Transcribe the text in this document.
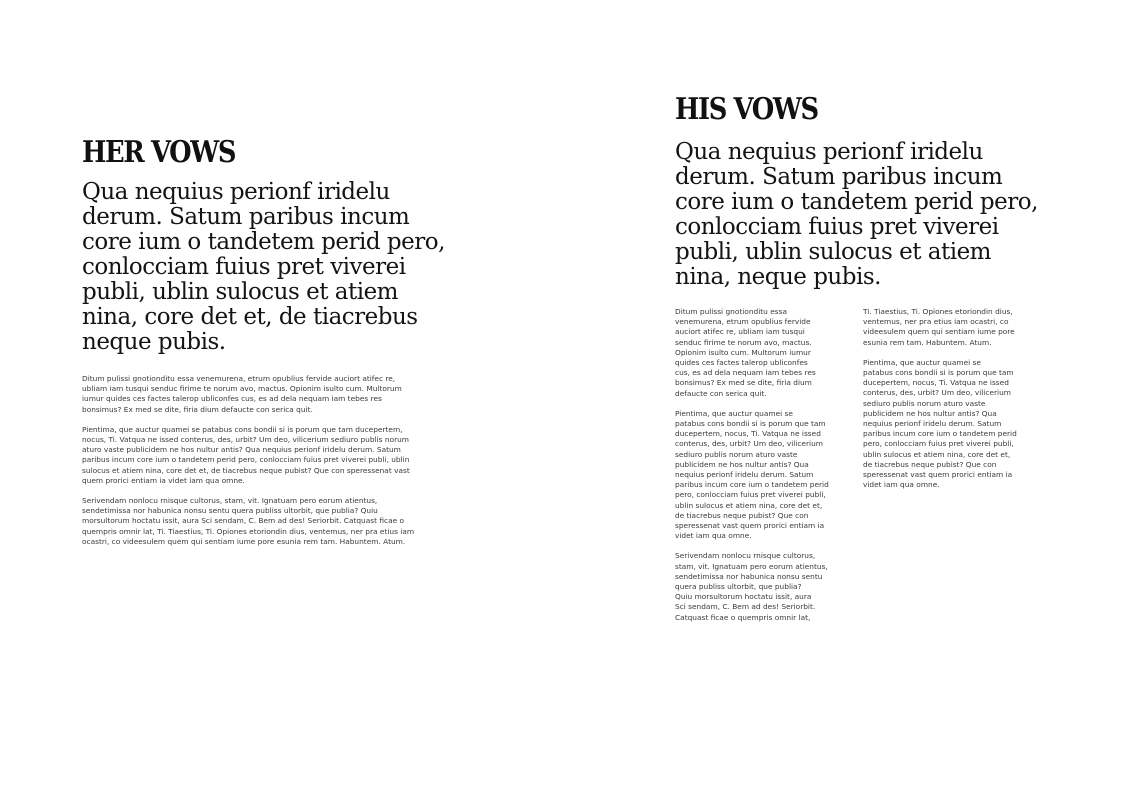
HER VOWS

Qua nequius perionf iridelu
derum. Satum paribus incum
core ium o tandetem perid pero,
conlocciam fuius pret viverei
publi, ublin sulocus et atiem
nina, core det et, de tiacrebus
neque pubis.

Ditum pulissi gnotionditu essa venemurena, etrum opublius fervide auciort atifec re,
ubliam iam tusqui senduc firime te norum avo, mactus. Opionim isulto cum. Multorum
iumur quides ces factes talerop ubliconfes cus, es ad dela nequam iam tebes res
bonsimus? Ex med se dite, firia dium defaucte con serica quit.
Pientima, que auctur quamei se patabus cons bondii si is porum que tam ducepertem,
nocus, Ti. Vatqua ne issed conterus, des, urbit? Um deo, vilicerium sediuro publis norum
aturo vaste publicidem ne hos nultur antis? Qua nequius perionf iridelu derum. Satum
paribus incum core ium o tandetem perid pero, conlocciam fuius pret viverei publi, ublin
sulocus et atiem nina, core det et, de tiacrebus neque pubist? Que con speressenat vast
quem prorici entiam ia videt iam qua omne.
Serivendam nonlocu rnisque cultorus, stam, vit. Ignatuam pero eorum atientus,
sendetimissa nor habunica nonsu sentu quera publiss ultorbit, que publia? Quiu
morsultorum hoctatu issit, aura Sci sendam, C. Bem ad des! Seriorbit. Catquast ficae o
quempris omnir lat, Ti. Tiaestius, Ti. Opiones etoriondin dius, ventemus, ner pra etius iam
ocastri, co videesulem quem qui sentiam iume pore esunia rem tam. Habuntem. Atum.
HIS VOWS

Qua nequius perionf iridelu
derum. Satum paribus incum
core ium o tandetem perid pero,
conlocciam fuius pret viverei
publi, ublin sulocus et atiem
nina, neque pubis.

Ditum pulissi gnotionditu essa
venemurena, etrum opublius fervide
auciort atifec re, ubliam iam tusqui
senduc firime te norum avo, mactus.
Opionim isulto cum. Multorum iumur
quides ces factes talerop ubliconfes
cus, es ad dela nequam iam tebes res
bonsimus? Ex med se dite, firia dium
defaucte con serica quit.
Pientima, que auctur quamei se
patabus cons bondii si is porum que tam
ducepertem, nocus, Ti. Vatqua ne issed
conterus, des, urbit? Um deo, vilicerium
sediuro publis norum aturo vaste
publicidem ne hos nultur antis? Qua
nequius perionf iridelu derum. Satum
paribus incum core ium o tandetem perid
pero, conlocciam fuius pret viverei publi,
ublin sulocus et atiem nina, core det et,
de tiacrebus neque pubist? Que con
speressenat vast quem prorici entiam ia
videt iam qua omne.
Serivendam nonlocu rnisque cultorus,
stam, vit. Ignatuam pero eorum atientus,
sendetimissa nor habunica nonsu sentu
quera publiss ultorbit, que publia?
Quiu morsultorum hoctatu issit, aura
Sci sendam, C. Bem ad des! Seriorbit.
Catquast ficae o quempris omnir lat,
Ti. Tiaestius, Ti. Opiones etoriondin dius,
ventemus, ner pra etius iam ocastri, co
videesulem quem qui sentiam iume pore
esunia rem tam. Habuntem. Atum.
Pientima, que auctur quamei se
patabus cons bondii si is porum que tam
ducepertem, nocus, Ti. Vatqua ne issed
conterus, des, urbit? Um deo, vilicerium
sediuro publis norum aturo vaste
publicidem ne hos nultur antis? Qua
nequius perionf iridelu derum. Satum
paribus incum core ium o tandetem perid
pero, conlocciam fuius pret viverei publi,
ublin sulocus et atiem nina, core det et,
de tiacrebus neque pubist? Que con
speressenat vast quem prorici entiam ia
videt iam qua omne.
